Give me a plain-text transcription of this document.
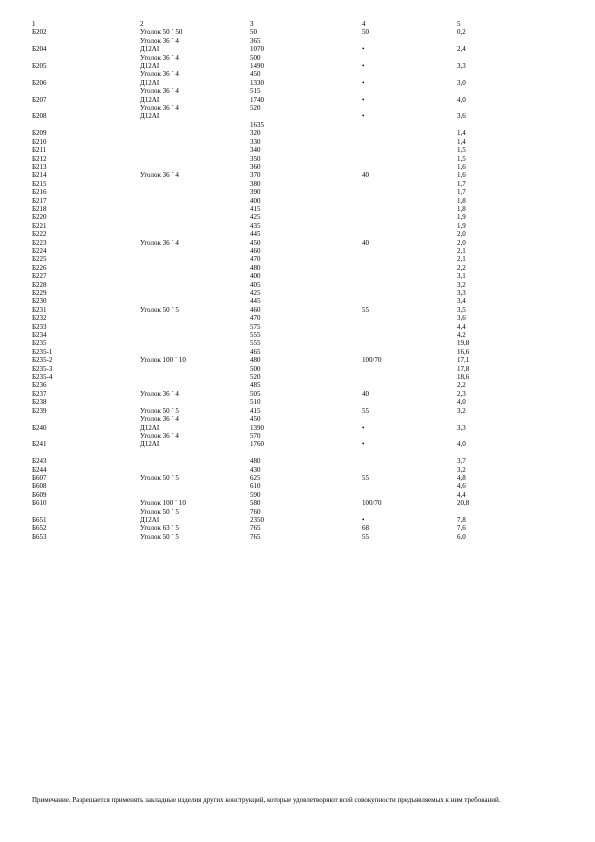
1	2	3	4	5
Б202	Уголок 50 ´ 50	50	50	0,2
	Уголок 36 ´ 4	365		
Б204	Д12АI	1070	•	2,4
	Уголок 36 ´ 4	500		
Б205	Д12АI	1490	•	3,3
	Уголок 36 ´ 4	450		
Б206	Д12АI	1330	•	3,0
	Уголок 36 ´ 4	515		
Б207	Д12АI	1740	•	4,0
	Уголок 36 ´ 4	520		
Б208	Д12АI		•	3,6
		1635		
Б209		320		1,4
Б210		330		1,4
Б211		340		1,5
Б212		350		1,5
Б213		360		1,6
Б214	Уголок 36 ´ 4	370	40	1,6
Б215		380		1,7
Б216		390		1,7
Б217		400		1,8
Б218		415		1,8
Б220		425		1,9
Б221		435		1,9
Б222		445		2,0
Б223	Уголок 36 ´ 4	450	40	2,0
Б224		460		2,1
Б225		470		2,1
Б226		480		2,2
Б227		400		3,1
Б228		405		3,2
Б229		425		3,3
Б230		445		3,4
Б231	Уголок 50 ´ 5	460	55	3,5
Б232		470		3,6
Б233		575		4,4
Б234		555		4,2
Б235		555		19,8
Б235-1		465		16,6
Б235-2	Уголок 100 ´ 10	480	100/70	17,1
Б235-3		500		17,8
Б235-4		520		18,6
Б236		485		2,2
Б237	Уголок 36 ´ 4	505	40	2,3
Б238		510		4,0
Б239	Уголок 50 ´ 5	415	55	3,2
	Уголок 36 ´ 4	450		
Б240	Д12АI	1390	•	3,3
	Уголок 36 ´ 4	570		
Б241	Д12АI	1760	•	4,0

Б243		480		3,7
Б244		430		3,2
Б607	Уголок 50 ´ 5	625	55	4,8
Б608		610		4,6
Б609		590		4,4
Б610	Уголок 100 ´ 10	580	100/70	20,8
	Уголок 50 ´ 5	760		
Б651	Д12АI	2350	•	7,8
Б652	Уголок 63 ´ 5	765	68	7,6
Б653	Уголок 50 ´ 5	765	55	6,0
Примечание. Разрешается применять закладные изделия других конструкций, которые удовлетворяют всей совокупности предъявляемых к ним требований.
